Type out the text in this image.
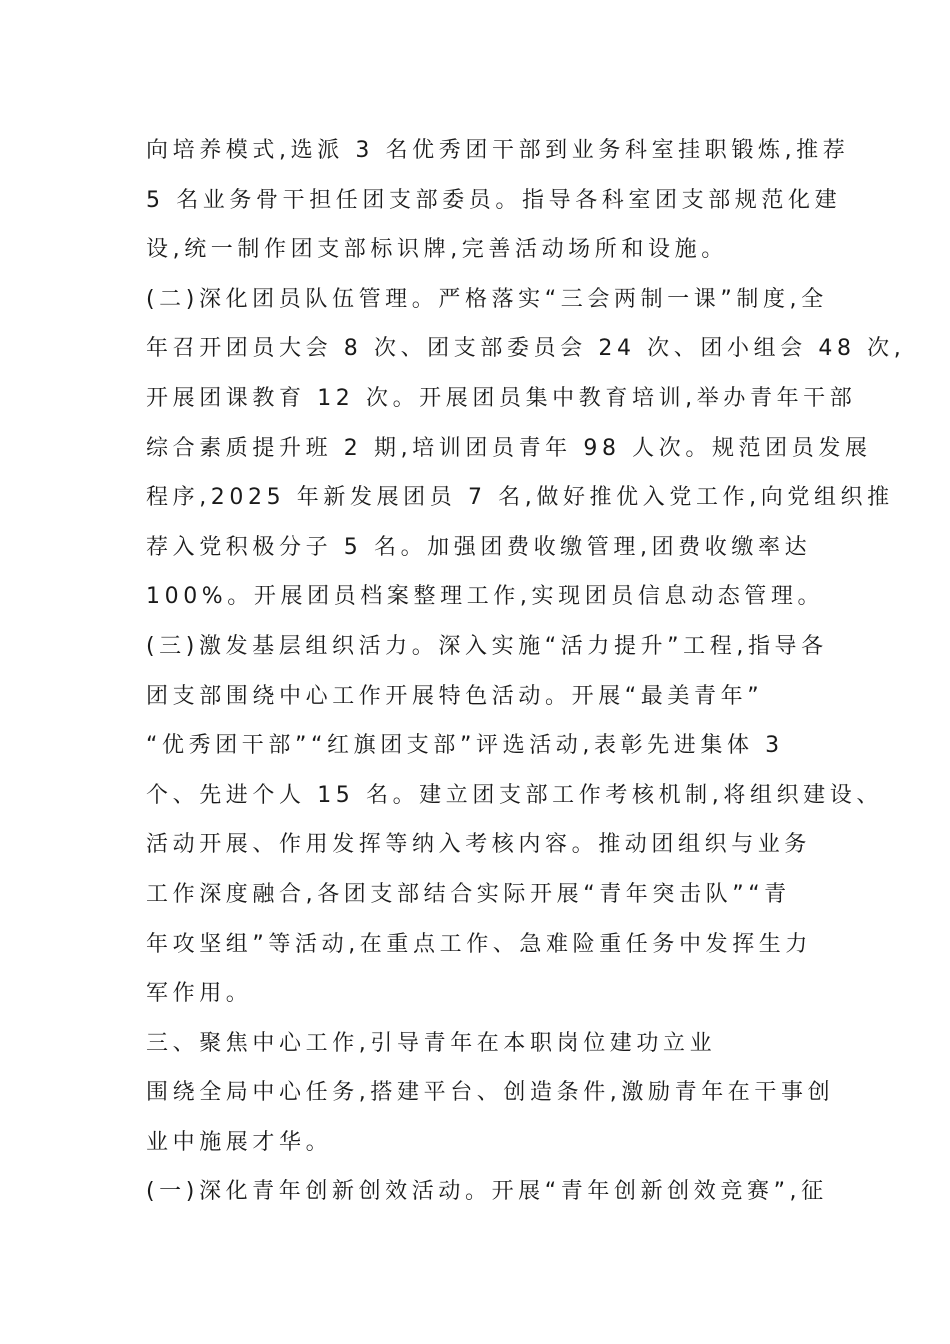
向培养模式,选派 3 名优秀团干部到业务科室挂职锻炼,推荐
5 名业务骨干担任团支部委员。指导各科室团支部规范化建
设,统一制作团支部标识牌,完善活动场所和设施。
(二)深化团员队伍管理。严格落实“三会两制一课”制度,全
年召开团员大会 8 次、团支部委员会 24 次、团小组会 48 次,
开展团课教育 12 次。开展团员集中教育培训,举办青年干部
综合素质提升班 2 期,培训团员青年 98 人次。规范团员发展
程序,2025 年新发展团员 7 名,做好推优入党工作,向党组织推
荐入党积极分子 5 名。加强团费收缴管理,团费收缴率达
100%。开展团员档案整理工作,实现团员信息动态管理。
(三)激发基层组织活力。深入实施“活力提升”工程,指导各
团支部围绕中心工作开展特色活动。开展“最美青年”
“优秀团干部”“红旗团支部”评选活动,表彰先进集体 3
个、先进个人 15 名。建立团支部工作考核机制,将组织建设、
活动开展、作用发挥等纳入考核内容。推动团组织与业务
工作深度融合,各团支部结合实际开展“青年突击队”“青
年攻坚组”等活动,在重点工作、急难险重任务中发挥生力
军作用。
三、聚焦中心工作,引导青年在本职岗位建功立业
围绕全局中心任务,搭建平台、创造条件,激励青年在干事创
业中施展才华。
(一)深化青年创新创效活动。开展“青年创新创效竞赛”,征
